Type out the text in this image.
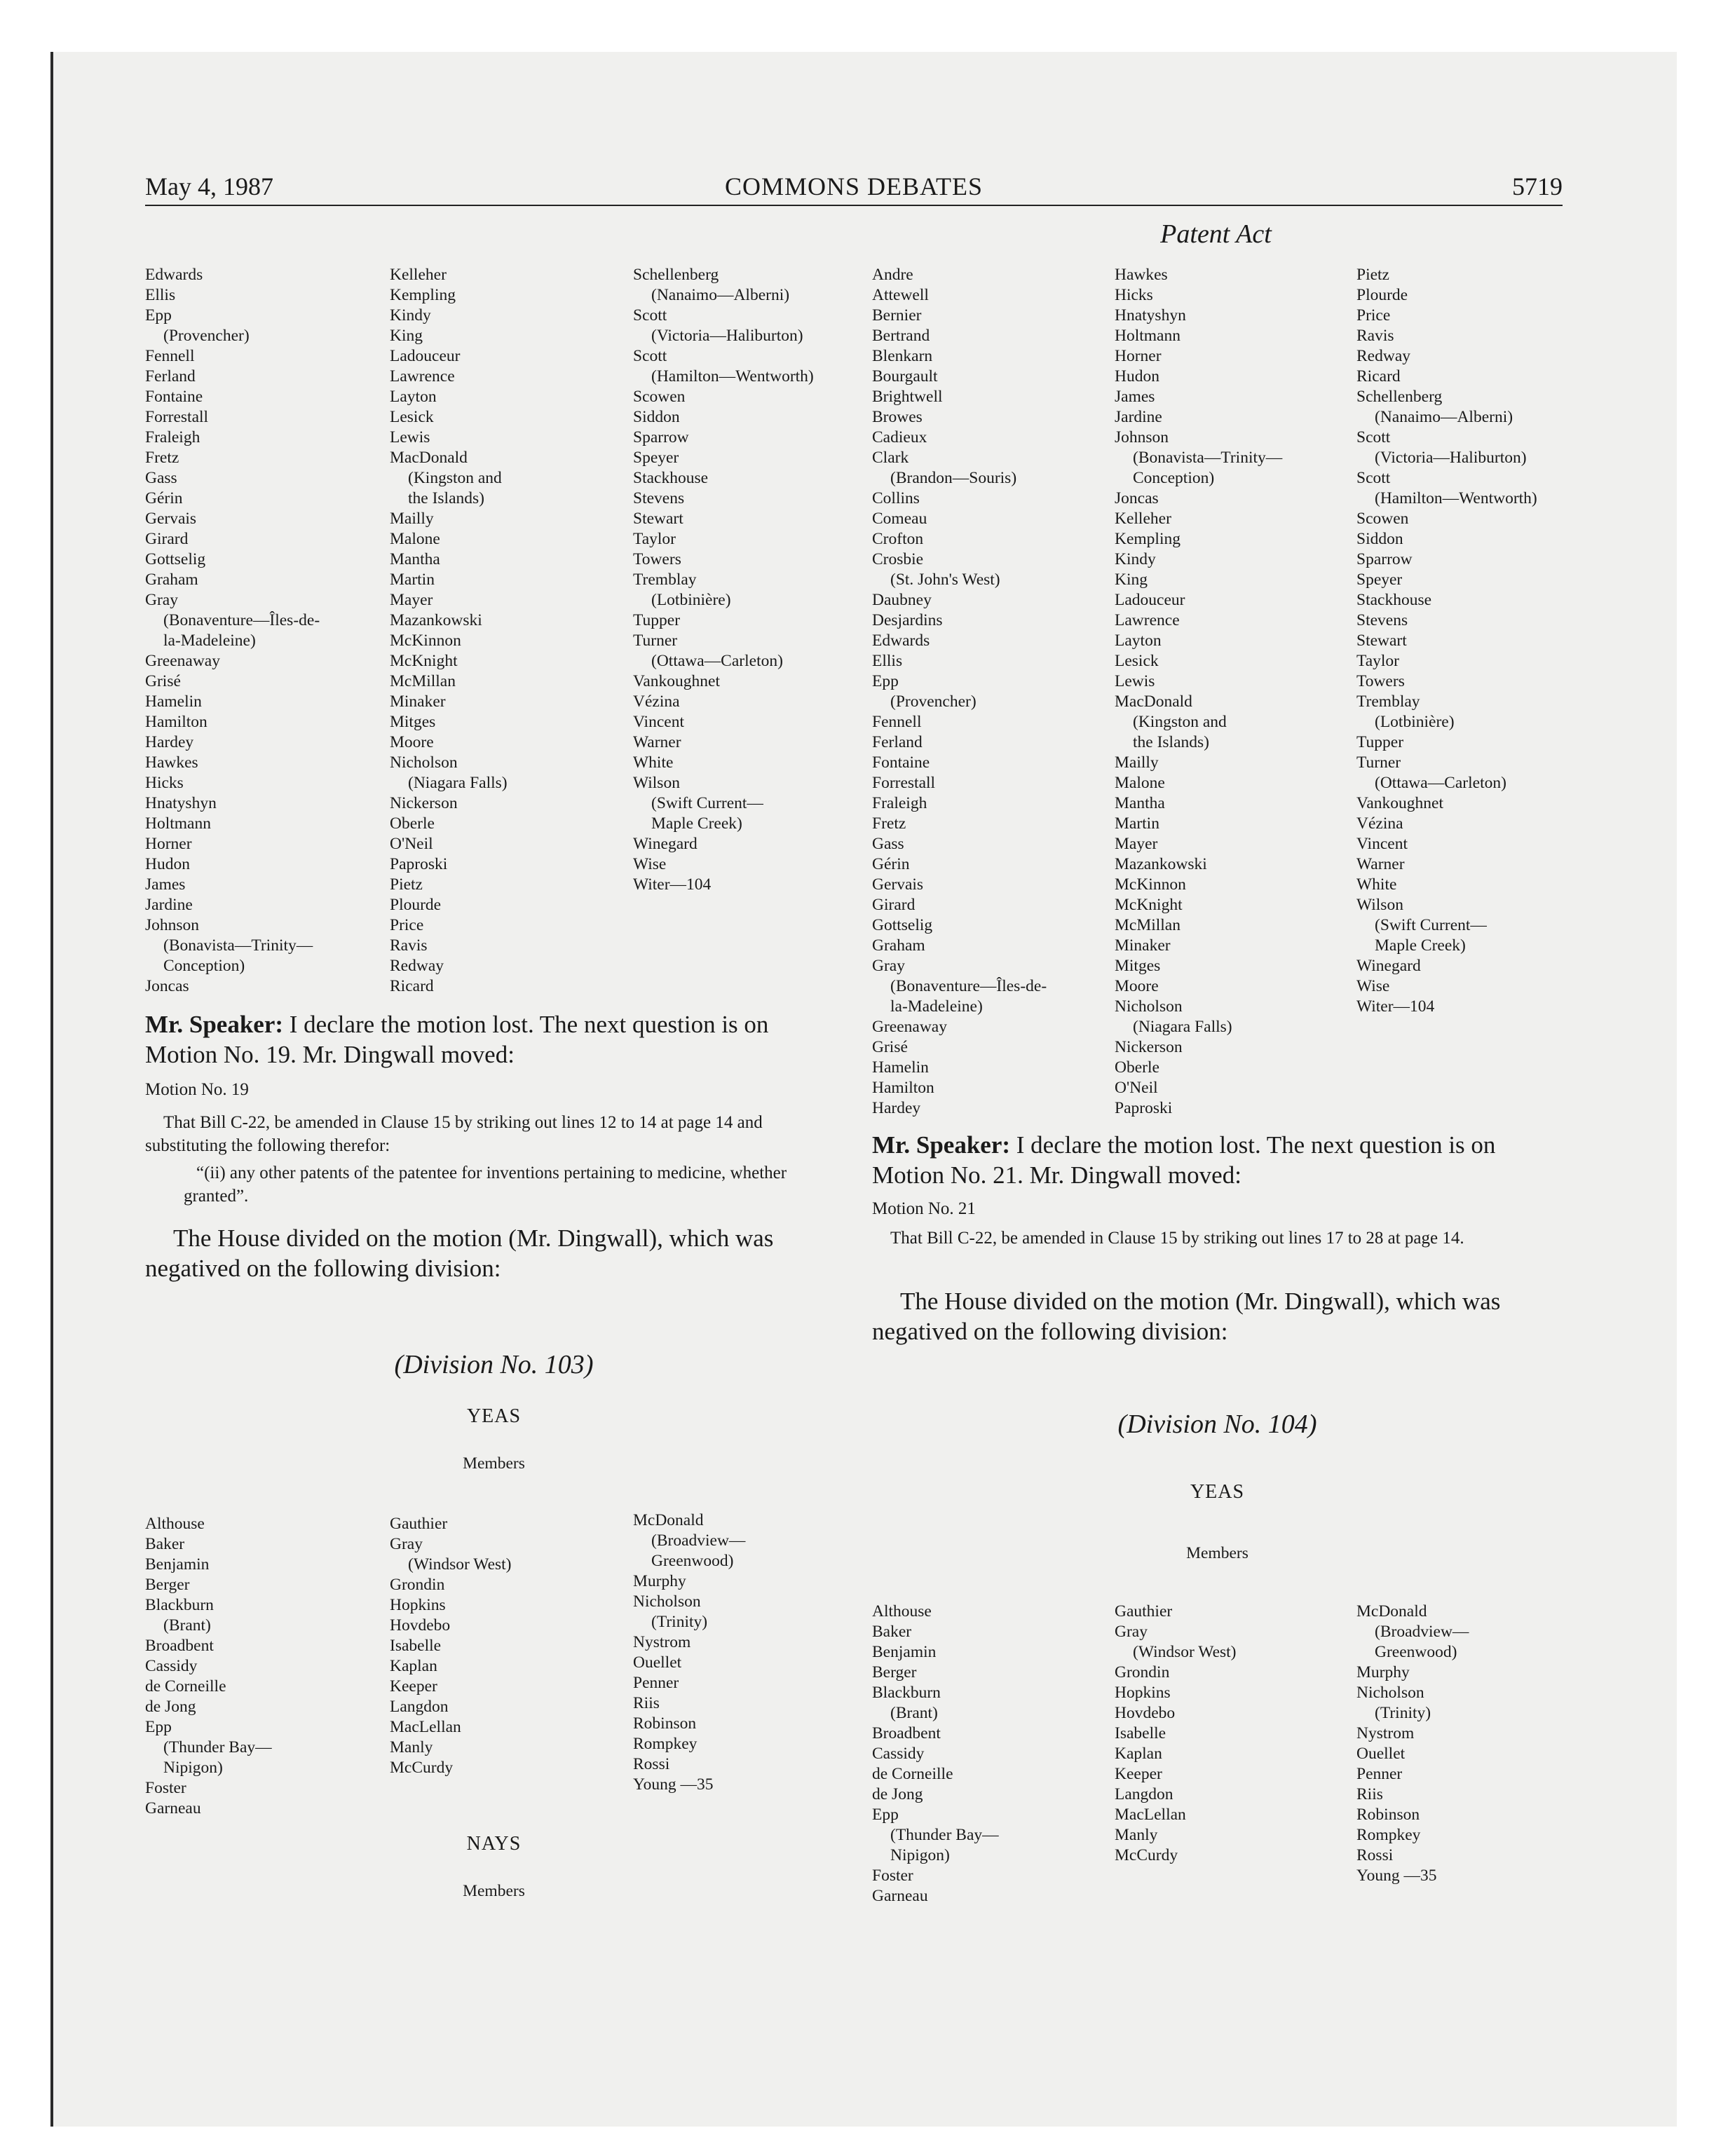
May 4, 1987	COMMONS DEBATES	5719
Patent Act
Edwards
Ellis
Epp
(Provencher)
Fennell
Ferland
Fontaine
Forrestall
Fraleigh
Fretz
Gass
Gérin
Gervais
Girard
Gottselig
Graham
Gray
(Bonaventure—Îles-de-
la-Madeleine)
Greenaway
Grisé
Hamelin
Hamilton
Hardey
Hawkes
Hicks
Hnatyshyn
Holtmann
Horner
Hudon
James
Jardine
Johnson
(Bonavista—Trinity—
Conception)
Joncas
Kelleher
Kempling
Kindy
King
Ladouceur
Lawrence
Layton
Lesick
Lewis
MacDonald
(Kingston and
the Islands)
Mailly
Malone
Mantha
Martin
Mayer
Mazankowski
McKinnon
McKnight
McMillan
Minaker
Mitges
Moore
Nicholson
(Niagara Falls)
Nickerson
Oberle
O'Neil
Paproski
Pietz
Plourde
Price
Ravis
Redway
Ricard
Schellenberg
(Nanaimo—Alberni)
Scott
(Victoria—Haliburton)
Scott
(Hamilton—Wentworth)
Scowen
Siddon
Sparrow
Speyer
Stackhouse
Stevens
Stewart
Taylor
Towers
Tremblay
(Lotbinière)
Tupper
Turner
(Ottawa—Carleton)
Vankoughnet
Vézina
Vincent
Warner
White
Wilson
(Swift Current—
Maple Creek)
Winegard
Wise
Witer—104

Mr. Speaker: I declare the motion lost. The next question is on Motion No. 19. Mr. Dingwall moved:

Motion No. 19

That Bill C-22, be amended in Clause 15 by striking out lines 12 to 14 at page 14 and substituting the following therefor:

“(ii) any other patents of the patentee for inventions pertaining to medicine, whether granted”.

The House divided on the motion (Mr. Dingwall), which was negatived on the following division:

(Division No. 103)
YEAS
Members
Althouse
Baker
Benjamin
Berger
Blackburn
(Brant)
Broadbent
Cassidy
de Corneille
de Jong
Epp
(Thunder Bay—
Nipigon)
Foster
Garneau
Gauthier
Gray
(Windsor West)
Grondin
Hopkins
Hovdebo
Isabelle
Kaplan
Keeper
Langdon
MacLellan
Manly
McCurdy
McDonald
(Broadview—
Greenwood)
Murphy
Nicholson
(Trinity)
Nystrom
Ouellet
Penner
Riis
Robinson
Rompkey
Rossi
Young —35
NAYS
Members
Andre
Attewell
Bernier
Bertrand
Blenkarn
Bourgault
Brightwell
Browes
Cadieux
Clark
(Brandon—Souris)
Collins
Comeau
Crofton
Crosbie
(St. John's West)
Daubney
Desjardins
Edwards
Ellis
Epp
(Provencher)
Fennell
Ferland
Fontaine
Forrestall
Fraleigh
Fretz
Gass
Gérin
Gervais
Girard
Gottselig
Graham
Gray
(Bonaventure—Îles-de-
la-Madeleine)
Greenaway
Grisé
Hamelin
Hamilton
Hardey
Hawkes
Hicks
Hnatyshyn
Holtmann
Horner
Hudon
James
Jardine
Johnson
(Bonavista—Trinity—
Conception)
Joncas
Kelleher
Kempling
Kindy
King
Ladouceur
Lawrence
Layton
Lesick
Lewis
MacDonald
(Kingston and
the Islands)
Mailly
Malone
Mantha
Martin
Mayer
Mazankowski
McKinnon
McKnight
McMillan
Minaker
Mitges
Moore
Nicholson
(Niagara Falls)
Nickerson
Oberle
O'Neil
Paproski
Pietz
Plourde
Price
Ravis
Redway
Ricard
Schellenberg
(Nanaimo—Alberni)
Scott
(Victoria—Haliburton)
Scott
(Hamilton—Wentworth)
Scowen
Siddon
Sparrow
Speyer
Stackhouse
Stevens
Stewart
Taylor
Towers
Tremblay
(Lotbinière)
Tupper
Turner
(Ottawa—Carleton)
Vankoughnet
Vézina
Vincent
Warner
White
Wilson
(Swift Current—
Maple Creek)
Winegard
Wise
Witer—104

Mr. Speaker: I declare the motion lost. The next question is on Motion No. 21. Mr. Dingwall moved:

Motion No. 21

That Bill C-22, be amended in Clause 15 by striking out lines 17 to 28 at page 14.

The House divided on the motion (Mr. Dingwall), which was negatived on the following division:

(Division No. 104)
YEAS
Members
Althouse
Baker
Benjamin
Berger
Blackburn
(Brant)
Broadbent
Cassidy
de Corneille
de Jong
Epp
(Thunder Bay—
Nipigon)
Foster
Garneau
Gauthier
Gray
(Windsor West)
Grondin
Hopkins
Hovdebo
Isabelle
Kaplan
Keeper
Langdon
MacLellan
Manly
McCurdy
McDonald
(Broadview—
Greenwood)
Murphy
Nicholson
(Trinity)
Nystrom
Ouellet
Penner
Riis
Robinson
Rompkey
Rossi
Young —35
